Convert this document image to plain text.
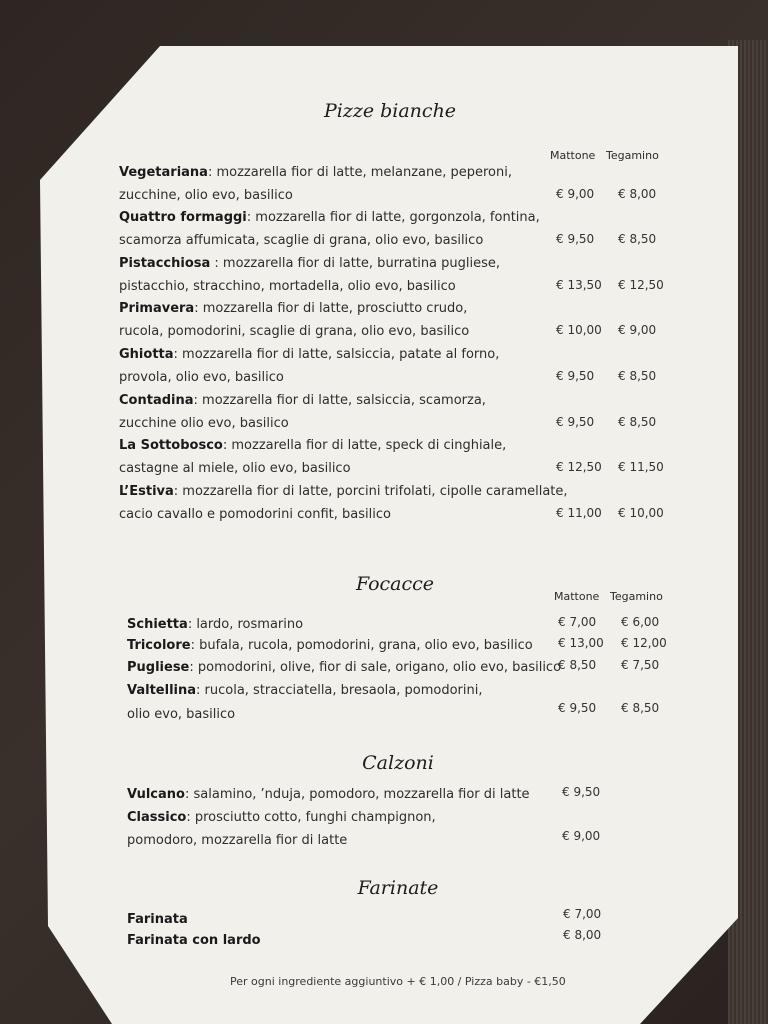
Pizze bianche
Mattone Tegamino
Focacce
Mattone Tegamino
Calzoni
Farinate
Per ogni ingrediente aggiuntivo + € 1,00 / Pizza baby - €1,50
Vegetariana: mozzarella fior di latte, melanzane, peperoni,
zucchine, olio evo, basilico	€ 9,00 € 8,00
Quattro formaggi: mozzarella fior di latte, gorgonzola, fontina,
scamorza affumicata, scaglie di grana, olio evo, basilico	€ 9,50 € 8,50
Pistacchiosa : mozzarella fior di latte, burratina pugliese,
pistacchio, stracchino, mortadella, olio evo, basilico	€ 13,50 € 12,50
Primavera: mozzarella fior di latte, prosciutto crudo,
rucola, pomodorini, scaglie di grana, olio evo, basilico	€ 10,00 € 9,00
Ghiotta: mozzarella fior di latte, salsiccia, patate al forno,
provola, olio evo, basilico	€ 9,50 € 8,50
Contadina: mozzarella fior di latte, salsiccia, scamorza,
zucchine olio evo, basilico	€ 9,50 € 8,50
La Sottobosco: mozzarella fior di latte, speck di cinghiale,
castagne al miele, olio evo, basilico	€ 12,50 € 11,50
L’Estiva: mozzarella fior di latte, porcini trifolati, cipolle caramellate,
cacio cavallo e pomodorini confit, basilico	€ 11,00 € 10,00
Schietta: lardo, rosmarino	€ 7,00 € 6,00
Tricolore: bufala, rucola, pomodorini, grana, olio evo, basilico € 13,00 € 12,00
Pugliese: pomodorini, olive, fior di sale, origano, olio evo, basilico
€ 8,50 € 7,50
Valtellina: rucola, stracciatella, bresaola, pomodorini,
olio evo, basilico	€ 9,50 € 8,50
Vulcano: salamino, ’nduja, pomodoro, mozzarella fior di latte	€ 9,50
Classico: prosciutto cotto, funghi champignon,
pomodoro, mozzarella fior di latte	€ 9,00
Farinata	€ 7,00
Farinata con lardo	€ 8,00
